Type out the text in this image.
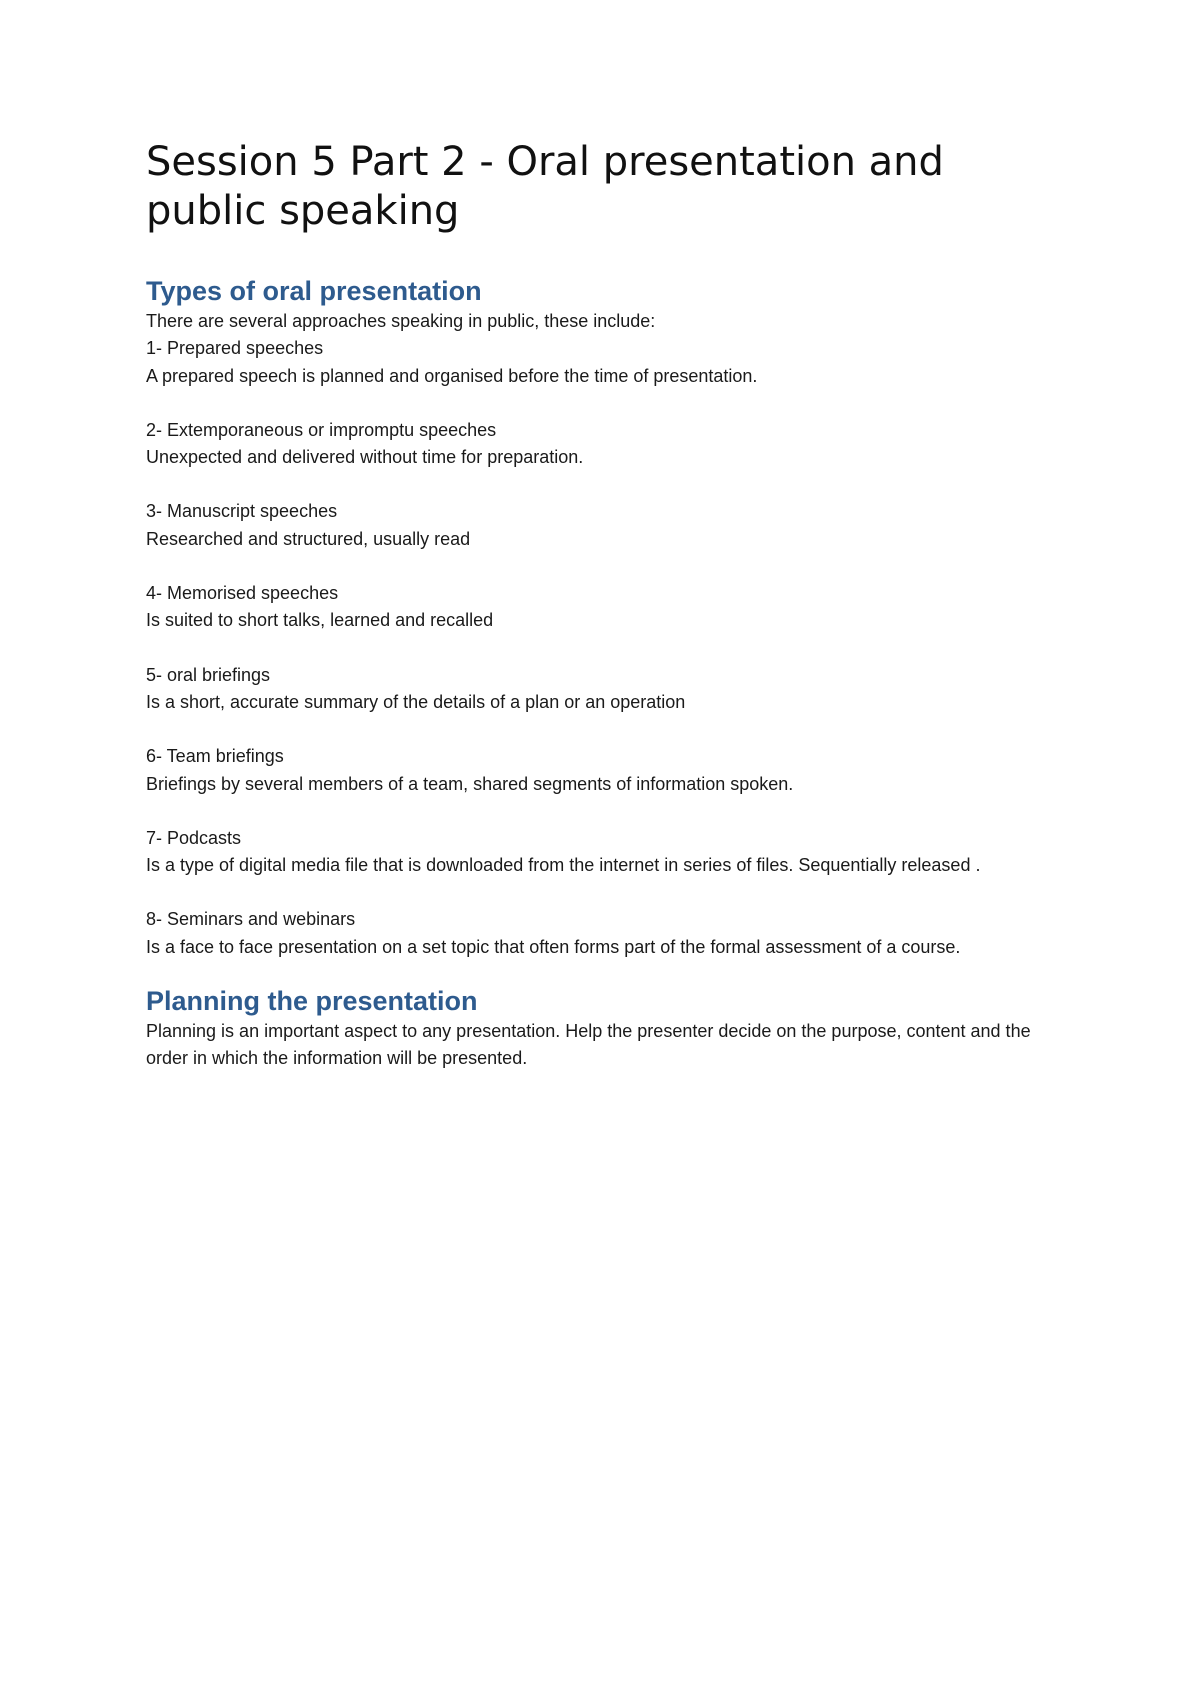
Session 5 Part 2 - Oral presentation and public speaking
Types of oral presentation

There are several approaches speaking in public, these include:

1- Prepared speeches

A prepared speech is planned and organised before the time of presentation.

2- Extemporaneous or impromptu speeches

Unexpected and delivered without time for preparation.

3- Manuscript speeches

Researched and structured, usually read

4- Memorised speeches

Is suited to short talks, learned and recalled

5- oral briefings

Is a short, accurate summary of the details of a plan or an operation

6- Team briefings

Briefings by several members of a team, shared segments of information spoken.

7- Podcasts

Is a type of digital media file that is downloaded from the internet in series of files. Sequentially released .

8- Seminars and webinars

Is a face to face presentation on a set topic that often forms part of the formal assessment of a course.

Planning the presentation

Planning is an important aspect to any presentation. Help the presenter decide on the purpose, content and the order in which the information will be presented.
